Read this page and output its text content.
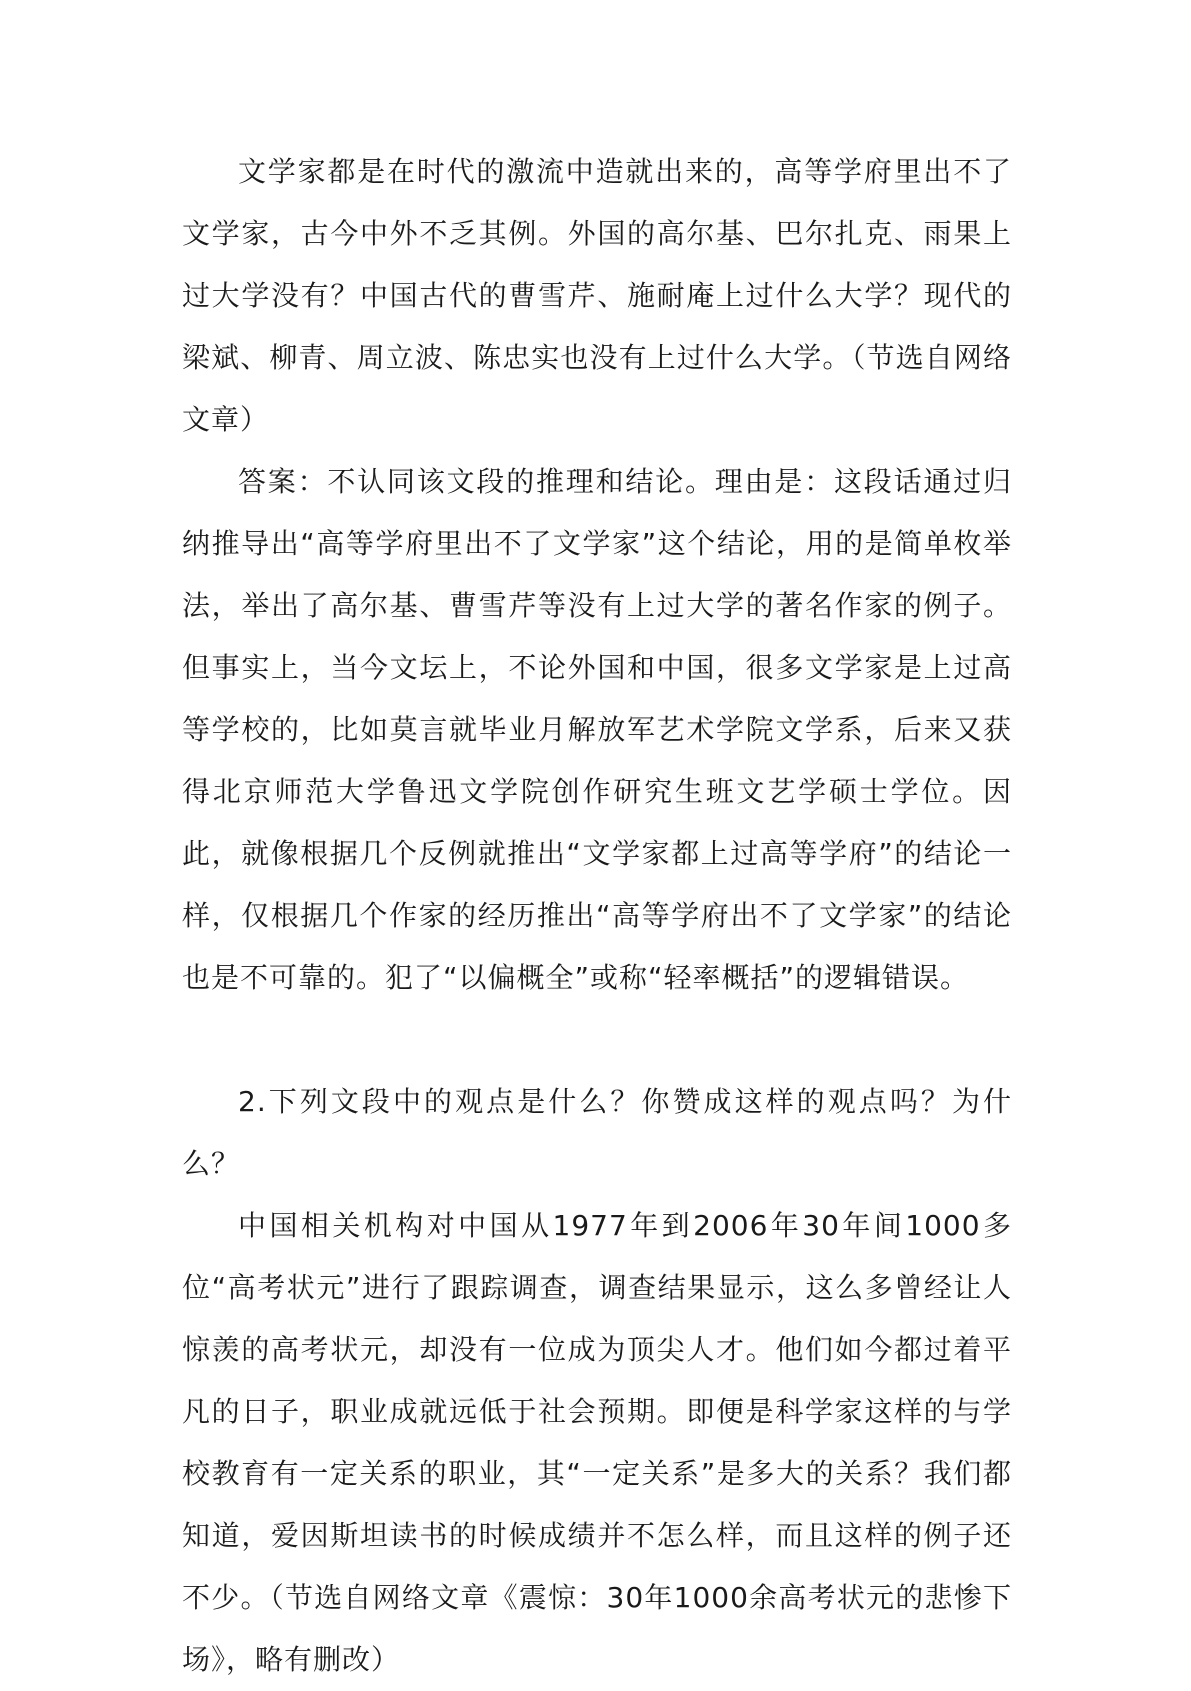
文学家都是在时代的激流中造就出来的，高等学府里出不了文学家，古今中外不乏其例。外国的高尔基、巴尔扎克、雨果上过大学没有？中国古代的曹雪芹、施耐庵上过什么大学？现代的梁斌、柳青、周立波、陈忠实也没有上过什么大学。（节选自网络文章）

答案：不认同该文段的推理和结论。理由是：这段话通过归纳推导出“高等学府里出不了文学家”这个结论，用的是简单枚举法，举出了高尔基、曹雪芹等没有上过大学的著名作家的例子。但事实上，当今文坛上，不论外国和中国，很多文学家是上过高等学校的，比如莫言就毕业月解放军艺术学院文学系，后来又获得北京师范大学鲁迅文学院创作研究生班文艺学硕士学位。因此，就像根据几个反例就推出“文学家都上过高等学府”的结论一样，仅根据几个作家的经历推出“高等学府出不了文学家”的结论也是不可靠的。犯了“以偏概全”或称“轻率概括”的逻辑错误。

2.下列文段中的观点是什么？你赞成这样的观点吗？为什么？

中国相关机构对中国从1977年到2006年30年间1000多位“高考状元”进行了跟踪调查，调查结果显示，这么多曾经让人惊羡的高考状元，却没有一位成为顶尖人才。他们如今都过着平凡的日子，职业成就远低于社会预期。即便是科学家这样的与学校教育有一定关系的职业，其“一定关系”是多大的关系？我们都知道，爱因斯坦读书的时候成绩并不怎么样，而且这样的例子还不少。（节选自网络文章《震惊：30年1000余高考状元的悲惨下场》，略有删改）
